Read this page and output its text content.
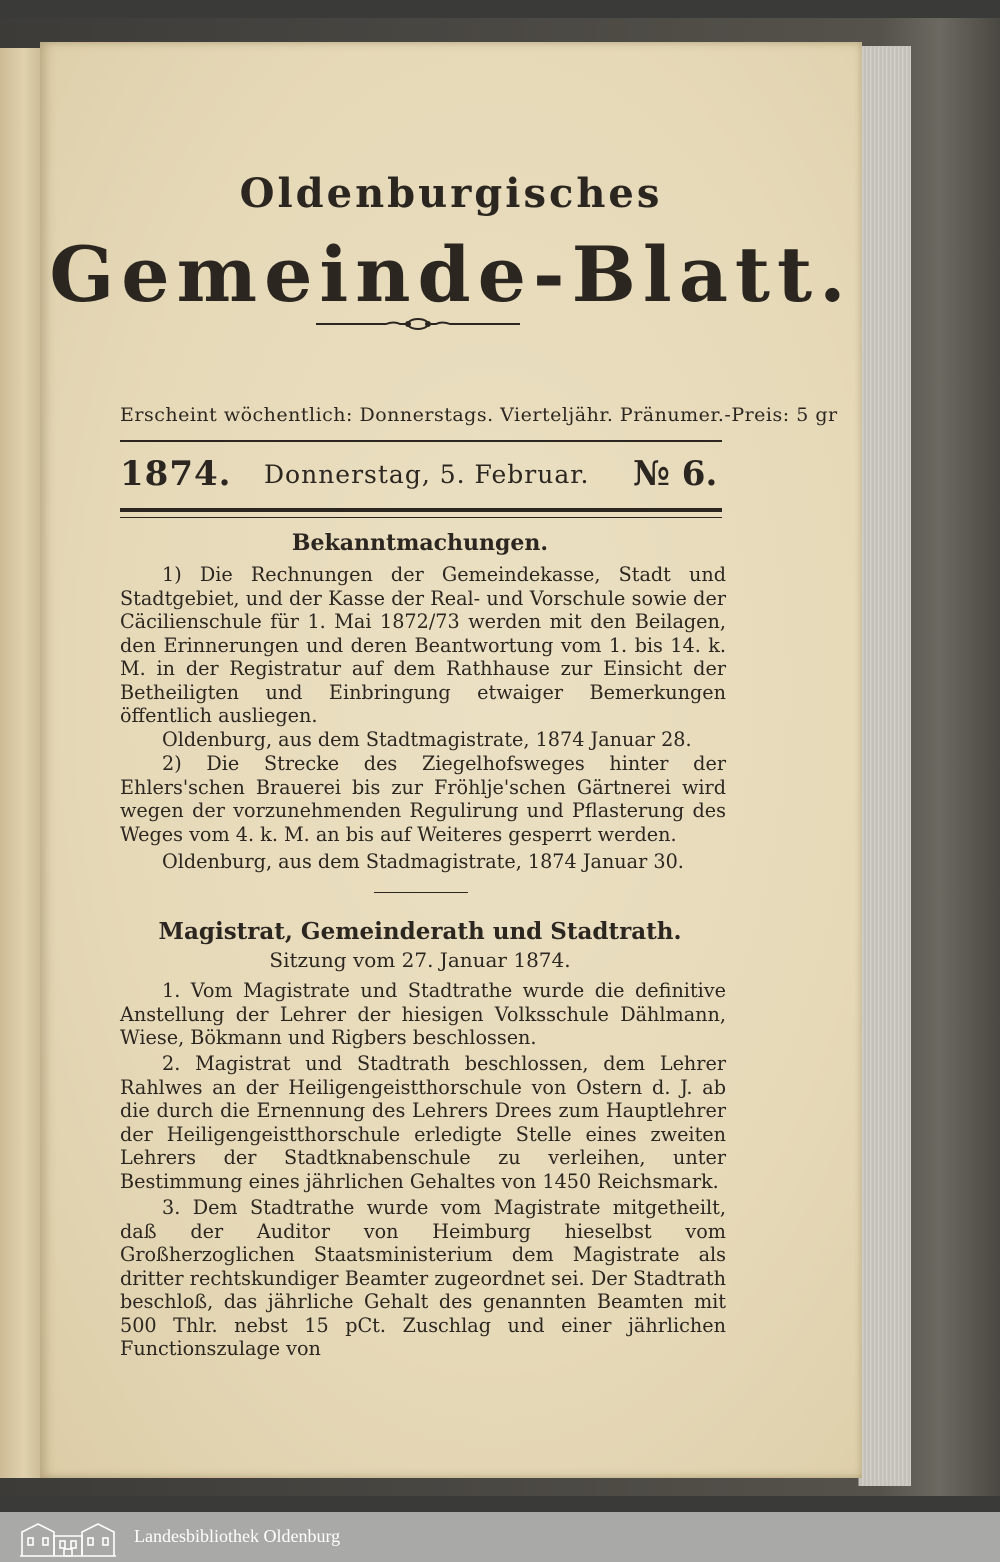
Oldenburgisches
Gemeinde-Blatt.
Erscheint wöchentlich: Donnerstags. Vierteljähr. Pränumer.-Preis: 5 gr
1874. Donnerstag, 5. Februar. № 6.
Bekanntmachungen.
1) Die Rechnungen der Gemeindekasse, Stadt und Stadtgebiet, und der Kasse der Real- und Vorschule sowie der Cäcilienschule für 1. Mai 1872/73 werden mit den Beilagen, den Erinnerungen und deren Beantwortung vom 1. bis 14. k. M. in der Registratur auf dem Rathhause zur Einsicht der Betheiligten und Einbringung etwaiger Bemerkungen öffentlich ausliegen.
Oldenburg, aus dem Stadtmagistrate, 1874 Januar 28.
2) Die Strecke des Ziegelhofsweges hinter der Ehlers'schen Brauerei bis zur Fröhlje'schen Gärtnerei wird wegen der vorzunehmenden Regulirung und Pflasterung des Weges vom 4. k. M. an bis auf Weiteres gesperrt werden.
Oldenburg, aus dem Stadmagistrate, 1874 Januar 30.
Magistrat, Gemeinderath und Stadtrath.
Sitzung vom 27. Januar 1874.
1. Vom Magistrate und Stadtrathe wurde die definitive Anstellung der Lehrer der hiesigen Volksschule Dählmann, Wiese, Bökmann und Rigbers beschlossen.
2. Magistrat und Stadtrath beschlossen, dem Lehrer Rahlwes an der Heiligengeistthorschule von Ostern d. J. ab die durch die Ernennung des Lehrers Drees zum Hauptlehrer der Heiligengeistthorschule erledigte Stelle eines zweiten Lehrers der Stadtknabenschule zu verleihen, unter Bestimmung eines jährlichen Gehaltes von 1450 Reichsmark.
3. Dem Stadtrathe wurde vom Magistrate mitgetheilt, daß der Auditor von Heimburg hieselbst vom Großherzoglichen Staatsministerium dem Magistrate als dritter rechtskundiger Beamter zugeordnet sei. Der Stadtrath beschloß, das jährliche Gehalt des genannten Beamten mit 500 Thlr. nebst 15 pCt. Zuschlag und einer jährlichen Functionszulage von
Landesbibliothek Oldenburg
